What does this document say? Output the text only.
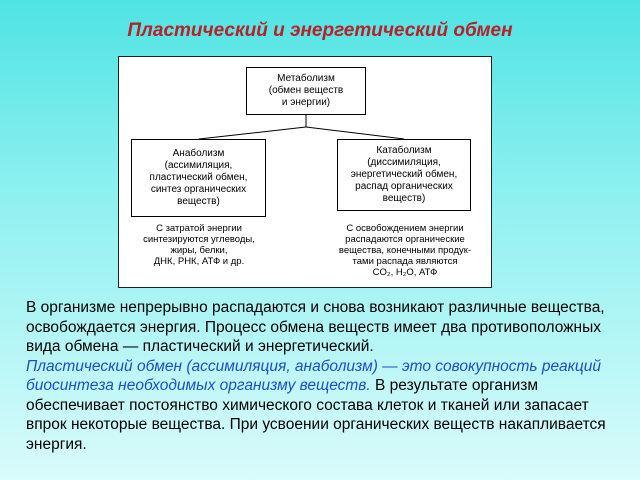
Пластический и энергетический обмен
Метаболизм
(обмен веществ
и энергии)
Анаболизм
(ассимиляция,
пластический обмен,
синтез органических
веществ)
Катаболизм
(диссимиляция,
энергетический обмен,
распад органических
веществ)
С затратой энергии
синтезируются углеводы,
жиры, белки,
ДНК, РНК, АТФ и др.
С освобождением энергии
распадаются органические
вещества, конечными продук-
тами распада являются
CO₂, H₂O, АТФ

В организме непрерывно распадаются и снова возникают различные вещества, освобождается энергия. Процесс обмена веществ имеет два противоположных вида обмена — пластический и энергетический.

Пластический обмен (ассимиляция, анаболизм) — это совокупность реакций биосинтеза необходимых организму веществ. В результате организм обеспечивает постоянство химического состава клеток и тканей или запасает впрок некоторые вещества. При усвоении органических веществ накапливается энергия.
